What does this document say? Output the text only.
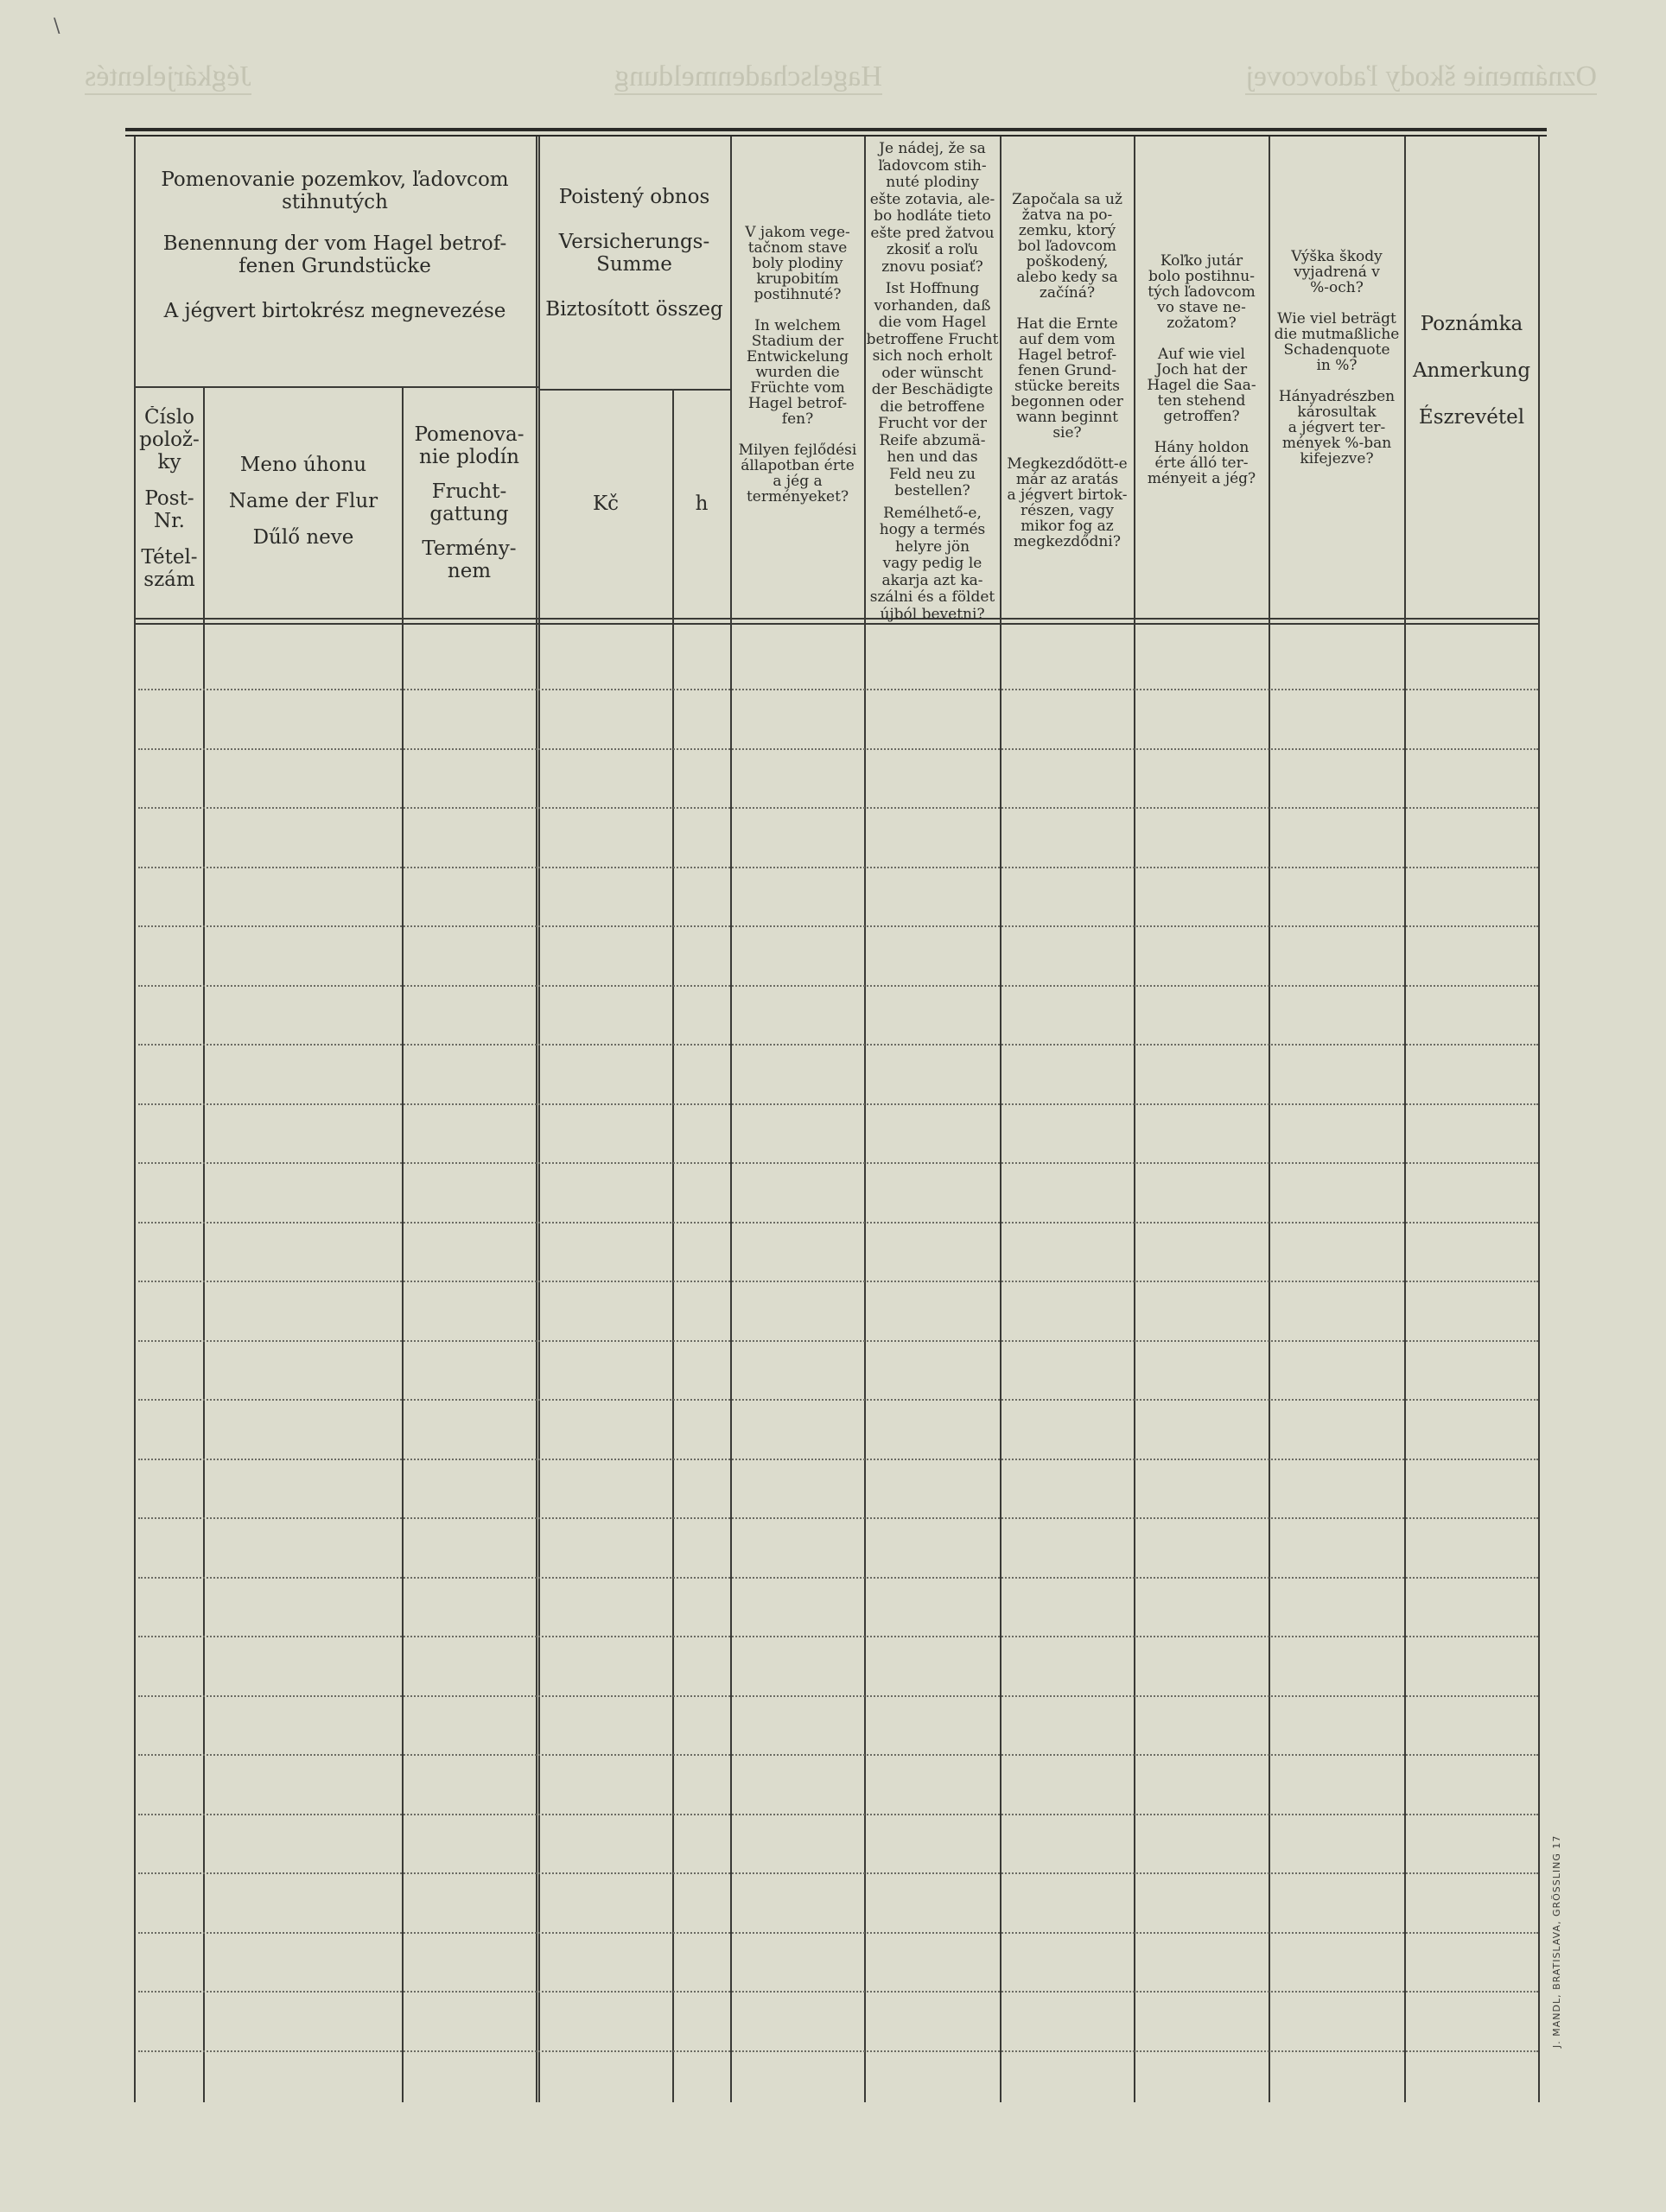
Oznámenie škody ľadovcovej
Hagelschadenmeldung
Jégkárjelentés
\
Pomenovanie pozemkov, ľadovcom
stihnutých
Benennung der vom Hagel betrof-
fenen Grundstücke
A jégvert birtokrész megnevezése
Poistený obnos
Versicherungs-
Summe
Biztosított összeg
Číslo
polož-
ky
Post-
Nr.
Tétel-
szám
Meno úhonu
Name der Flur
Dűlő neve
Pomenova-
nie plodín
Frucht-
gattung
Termény-
nem
Kč	h
V jakom vege-
tačnom stave
boly plodiny
krupobitím
postihnuté?
In welchem
Stadium der
Entwickelung
wurden die
Früchte vom
Hagel betrof-
fen?
Milyen fejlődési
állapotban érte
a jég a
terményeket?
Je nádej, že sa
ľadovcom stih-
nuté plodiny
ešte zotavia, ale-
bo hodláte tieto
ešte pred žatvou
zkosiť a roľu
znovu posiať?
Ist Hoffnung
vorhanden, daß
die vom Hagel
betroffene Frucht
sich noch erholt
oder wünscht
der Beschädigte
die betroffene
Frucht vor der
Reife abzumä-
hen und das
Feld neu zu
bestellen?
Remélhető-e,
hogy a termés
helyre jön
vagy pedig le
akarja azt ka-
szálni és a földet
újból bevetni?
Započala sa už
žatva na po-
zemku, ktorý
bol ľadovcom
poškodený,
alebo kedy sa
začíná?
Hat die Ernte
auf dem vom
Hagel betrof-
fenen Grund-
stücke bereits
begonnen oder
wann beginnt
sie?
Megkezdődött-e
már az aratás
a jégvert birtok-
részen, vagy
mikor fog az
megkezdődni?
Koľko jutár
bolo postihnu-
tých ľadovcom
vo stave ne-
zožatom?
Auf wie viel
Joch hat der
Hagel die Saa-
ten stehend
getroffen?
Hány holdon
érte álló ter-
ményeit a jég?
Výška škody
vyjadrená v
%-och?
Wie viel beträgt
die mutmaßliche
Schadenquote
in %?
Hányadrészben
károsultak
a jégvert ter-
mények %-ban
kifejezve?
Poznámka
Anmerkung
Észrevétel
J. MANDL, BRATISLAVA, GRÖSSLING 17
